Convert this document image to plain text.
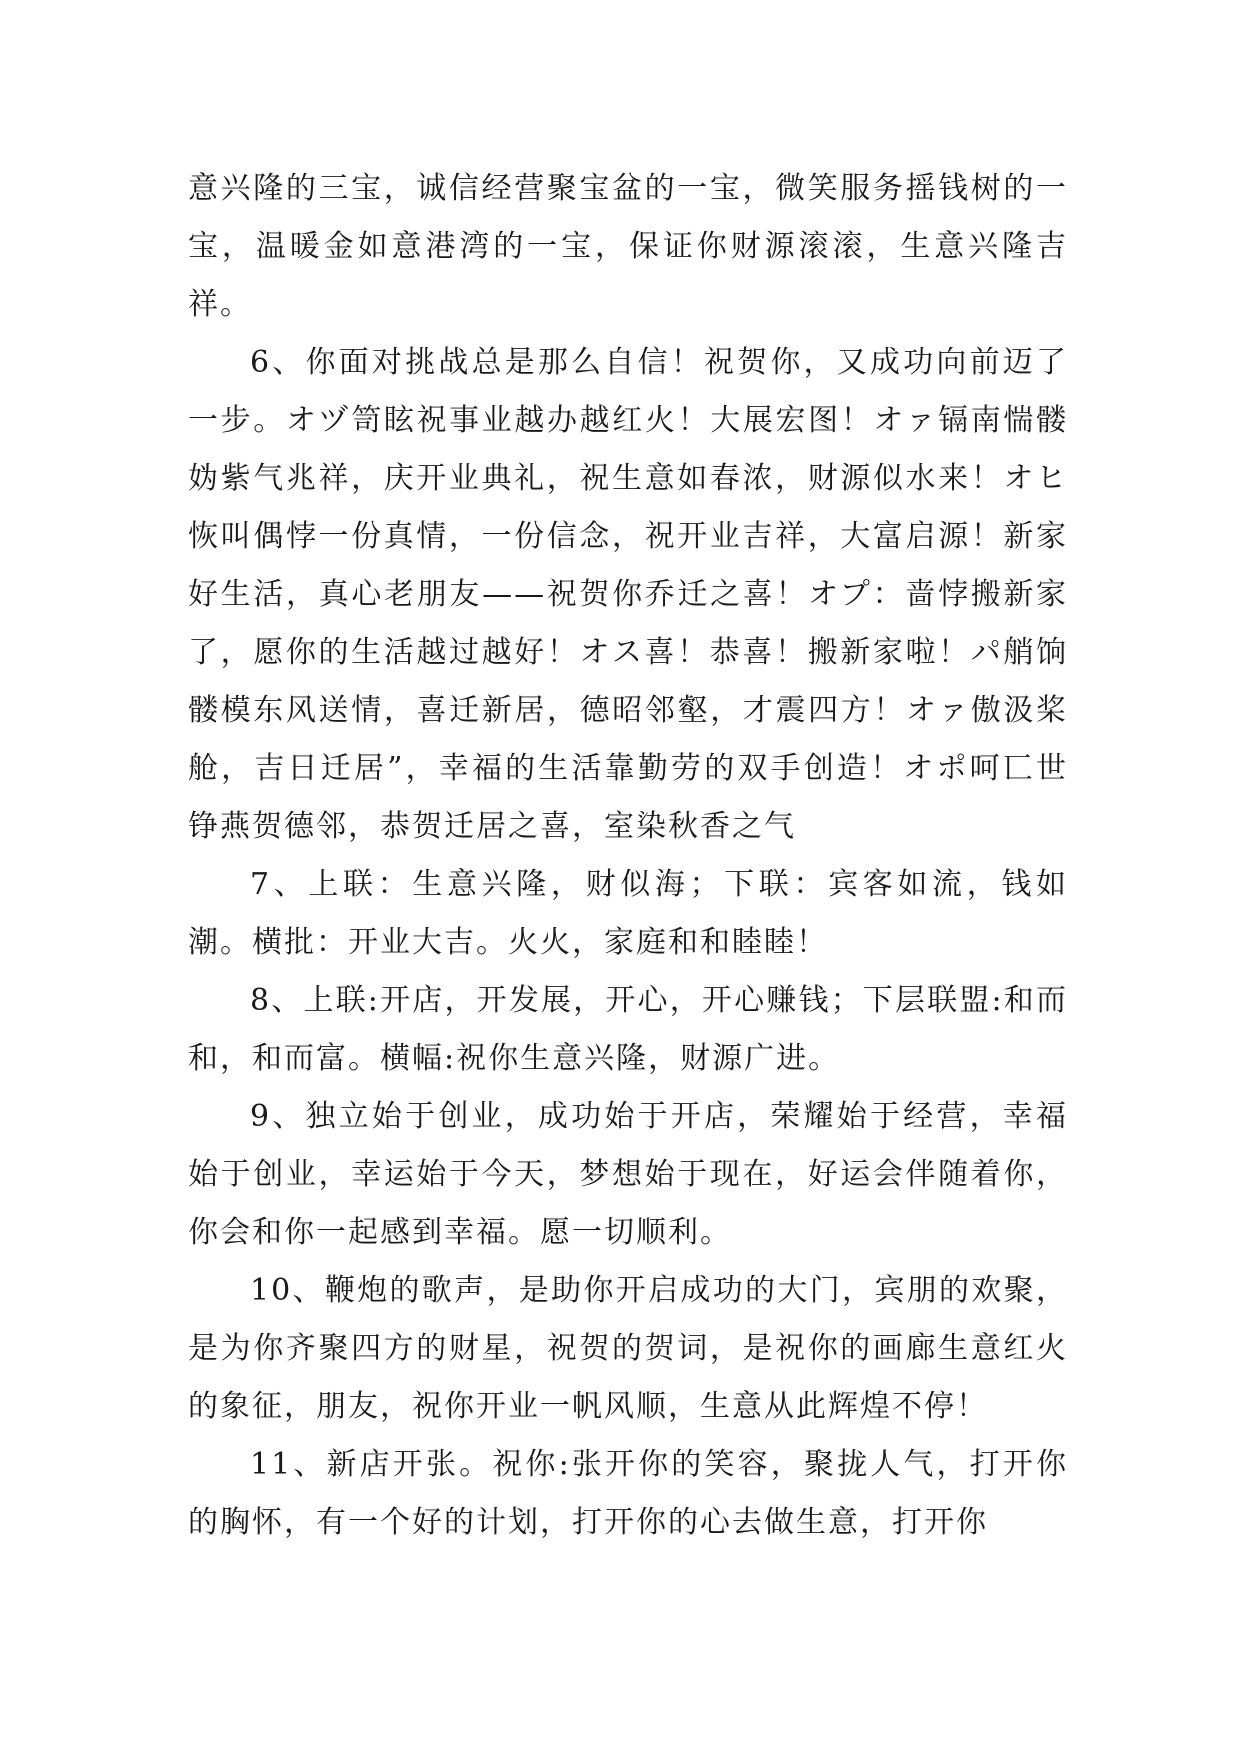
意兴隆的三宝，诚信经营聚宝盆的一宝，微笑服务摇钱树的一宝，温暖金如意港湾的一宝，保证你财源滚滚，生意兴隆吉祥。

6、你面对挑战总是那么自信！祝贺你，又成功向前迈了一步。オヅ笥眩祝事业越办越红火！大展宏图！オァ镉南惴髅妫紫气兆祥，庆开业典礼，祝生意如春浓，财源似水来！オヒ恢叫偶悖一份真情，一份信念，祝开业吉祥，大富启源！新家好生活，真心老朋友——祝贺你乔迁之喜！オプ：啬悖搬新家了，愿你的生活越过越好！オス喜！恭喜！搬新家啦！パ艄饷髅模东风送情，喜迁新居，德昭邻壑，才震四方！オァ傲汲桨舱，吉日迁居”，幸福的生活靠勤劳的双手创造！オポ呵匸世铮燕贺德邻，恭贺迁居之喜，室染秋香之气

7、上联：生意兴隆，财似海；下联：宾客如流，钱如潮。横批：开业大吉。火火，家庭和和睦睦！

8、上联:开店，开发展，开心，开心赚钱；下层联盟:和而和，和而富。横幅:祝你生意兴隆，财源广进。

9、独立始于创业，成功始于开店，荣耀始于经营，幸福始于创业，幸运始于今天，梦想始于现在，好运会伴随着你，你会和你一起感到幸福。愿一切顺利。

10、鞭炮的歌声，是助你开启成功的大门，宾朋的欢聚，是为你齐聚四方的财星，祝贺的贺词，是祝你的画廊生意红火的象征，朋友，祝你开业一帆风顺，生意从此辉煌不停！

11、新店开张。祝你:张开你的笑容，聚拢人气，打开你的胸怀，有一个好的计划，打开你的心去做生意，打开你
